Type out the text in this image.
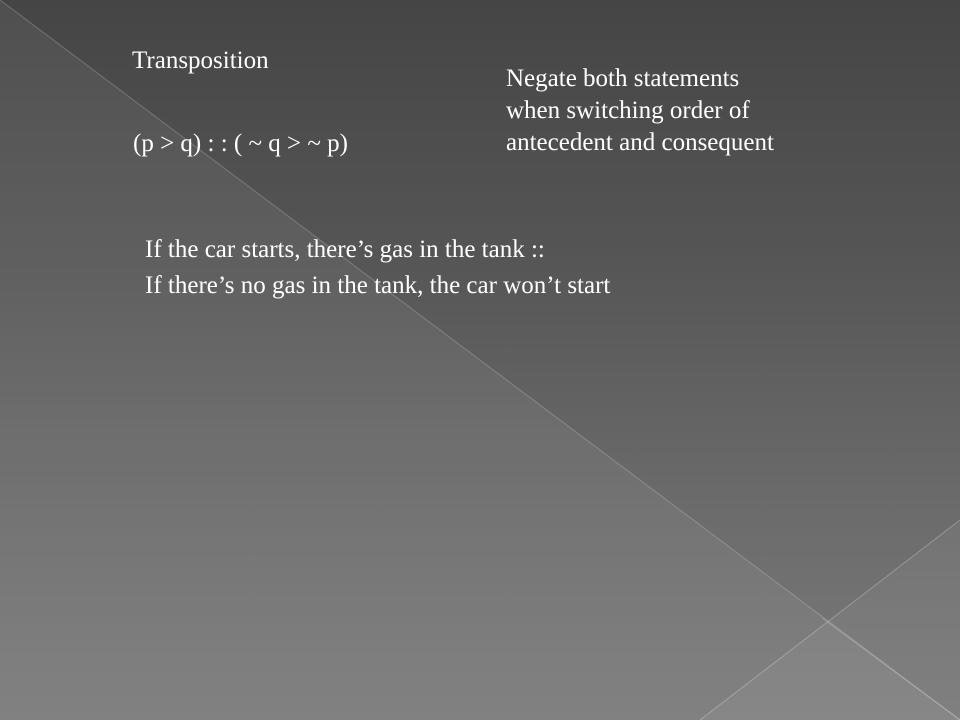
Transposition

(p > q) : : ( ~ q > ~ p)

Negate both statements
when switching order of
antecedent and consequent

If the car starts, there’s gas in the tank ::
If there’s no gas in the tank, the car won’t start
